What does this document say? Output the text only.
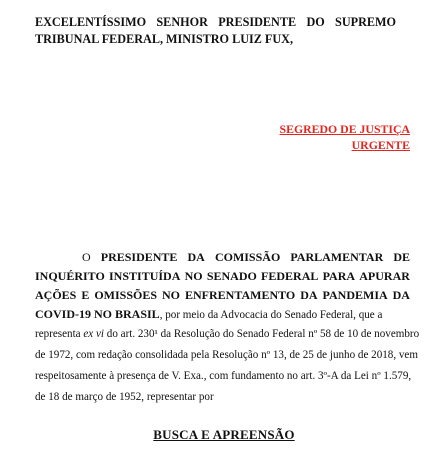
EXCELENTÍSSIMO SENHOR PRESIDENTE DO SUPREMO
TRIBUNAL FEDERAL, MINISTRO LUIZ FUX,
SEGREDO DE JUSTIÇA
URGENTE
O PRESIDENTE DA COMISSÃO PARLAMENTAR DE
INQUÉRITO INSTITUÍDA NO SENADO FEDERAL PARA APURAR
AÇÕES E OMISSÕES NO ENFRENTAMENTO DA PANDEMIA DA
COVID-19 NO BRASIL, por meio da Advocacia do Senado Federal, que a
representa ex vi do art. 230¹ da Resolução do Senado Federal nº 58 de 10 de novembro
de 1972, com redação consolidada pela Resolução nº 13, de 25 de junho de 2018, vem
respeitosamente à presença de V. Exa., com fundamento no art. 3º-A da Lei nº 1.579,
de 18 de março de 1952, representar por
BUSCA E APREENSÃO
